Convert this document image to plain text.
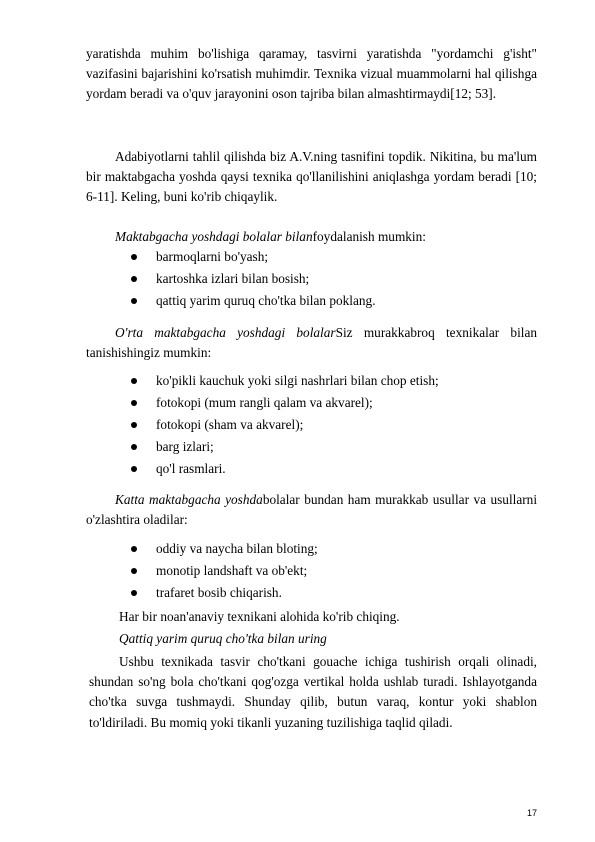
yaratishda muhim bo'lishiga qaramay, tasvirni yaratishda "yordamchi g'isht" vazifasini bajarishini ko'rsatish muhimdir. Texnika vizual muammolarni hal qilishga yordam beradi va o'quv jarayonini oson tajriba bilan almashtirmaydi[12; 53].

Adabiyotlarni tahlil qilishda biz A.V.ning tasnifini topdik. Nikitina, bu ma'lum bir maktabgacha yoshda qaysi texnika qo'llanilishini aniqlashga yordam beradi [10; 6-11]. Keling, buni ko'rib chiqaylik.

Maktabgacha yoshdagi bolalar bilanfoydalanish mumkin:
barmoqlarni bo'yash;
kartoshka izlari bilan bosish;
qattiq yarim quruq cho'tka bilan poklang.

O'rta maktabgacha yoshdagi bolalarSiz murakkabroq texnikalar bilan tanishishingiz mumkin:

ko'pikli kauchuk yoki silgi nashrlari bilan chop etish;
fotokopi (mum rangli qalam va akvarel);
fotokopi (sham va akvarel);
barg izlari;
qo'l rasmlari.

Katta maktabgacha yoshdabolalar bundan ham murakkab usullar va usullarni o'zlashtira oladilar:

oddiy va naycha bilan bloting;
monotip landshaft va ob'ekt;
trafaret bosib chiqarish.
Har bir noan'anaviy texnikani alohida ko'rib chiqing.
Qattiq yarim quruq cho'tka bilan uring

Ushbu texnikada tasvir cho'tkani gouache ichiga tushirish orqali olinadi, shundan so'ng bola cho'tkani qog'ozga vertikal holda ushlab turadi. Ishlayotganda cho'tka suvga tushmaydi. Shunday qilib, butun varaq, kontur yoki shablon to'ldiriladi. Bu momiq yoki tikanli yuzaning tuzilishiga taqlid qiladi.

17
